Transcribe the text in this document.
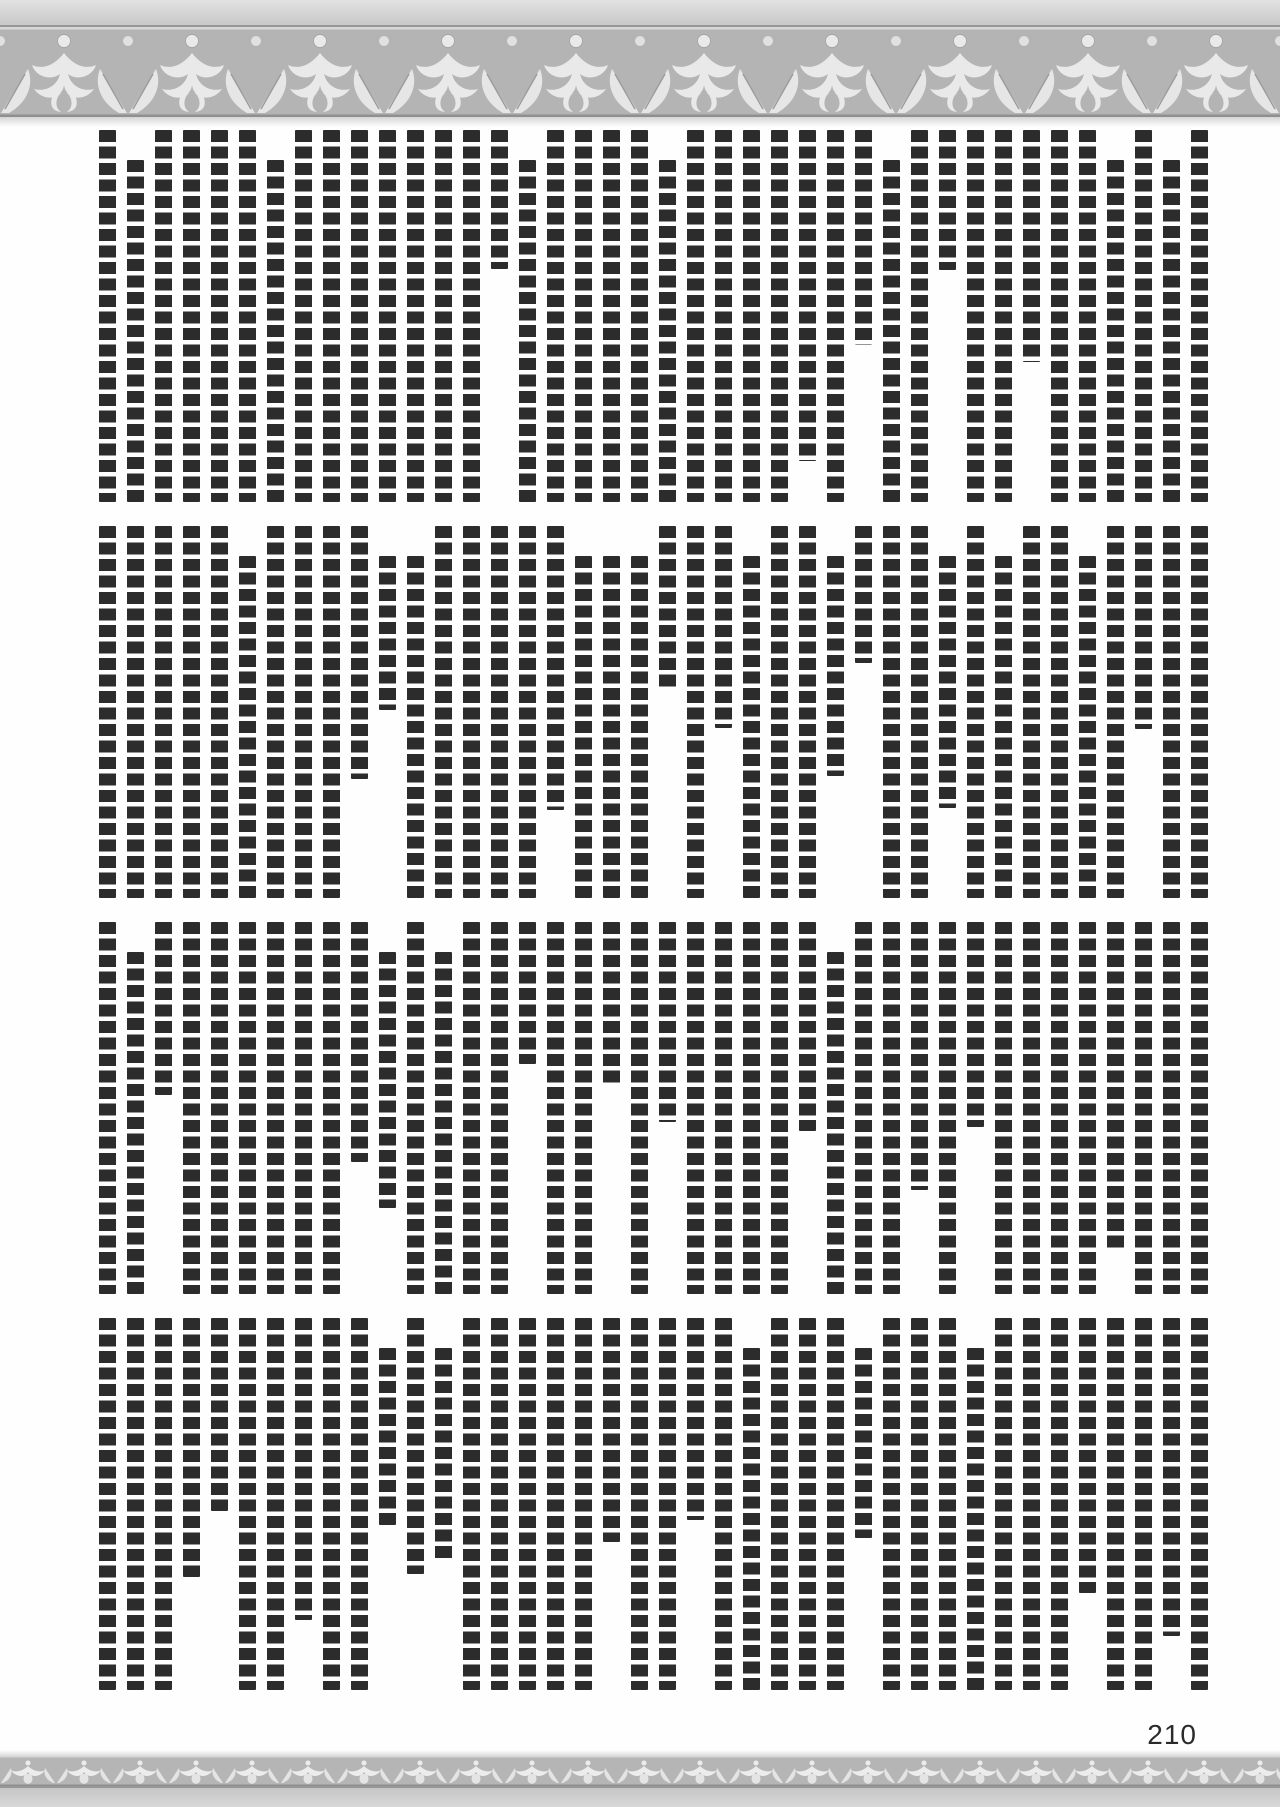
210
